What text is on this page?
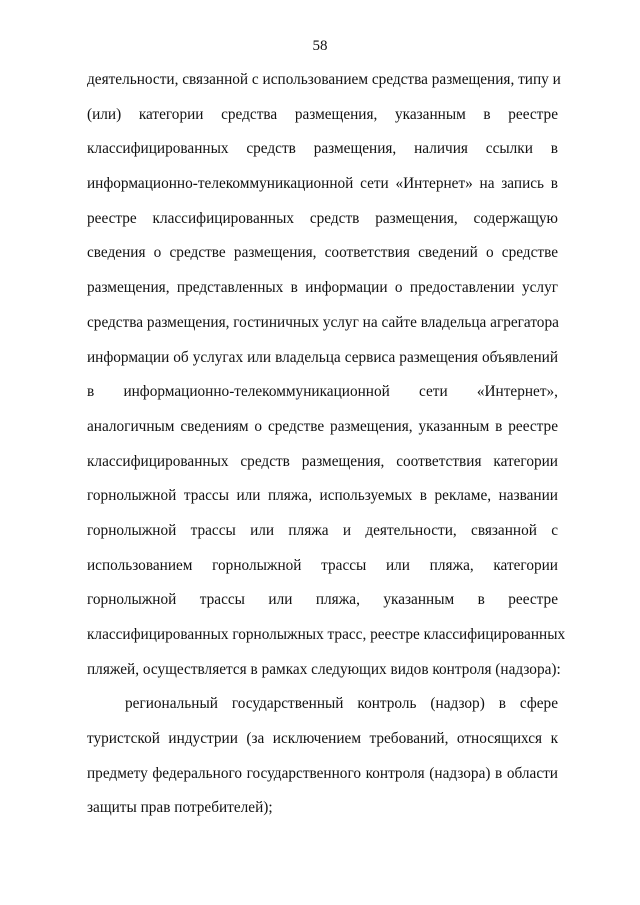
58
деятельности, связанной с использованием средства размещения, типу и
(или) категории средства размещения, указанным в реестре
классифицированных средств размещения, наличия ссылки в
информационно-телекоммуникационной сети «Интернет» на запись в
реестре классифицированных средств размещения, содержащую
сведения о средстве размещения, соответствия сведений о средстве
размещения, представленных в информации о предоставлении услуг
средства размещения, гостиничных услуг на сайте владельца агрегатора
информации об услугах или владельца сервиса размещения объявлений
в информационно-телекоммуникационной сети «Интернет»,
аналогичным сведениям о средстве размещения, указанным в реестре
классифицированных средств размещения, соответствия категории
горнолыжной трассы или пляжа, используемых в рекламе, названии
горнолыжной трассы или пляжа и деятельности, связанной с
использованием горнолыжной трассы или пляжа, категории
горнолыжной трассы или пляжа, указанным в реестре
классифицированных горнолыжных трасс, реестре классифицированных
пляжей, осуществляется в рамках следующих видов контроля (надзора):
региональный государственный контроль (надзор) в сфере
туристской индустрии (за исключением требований, относящихся к
предмету федерального государственного контроля (надзора) в области
защиты прав потребителей);
